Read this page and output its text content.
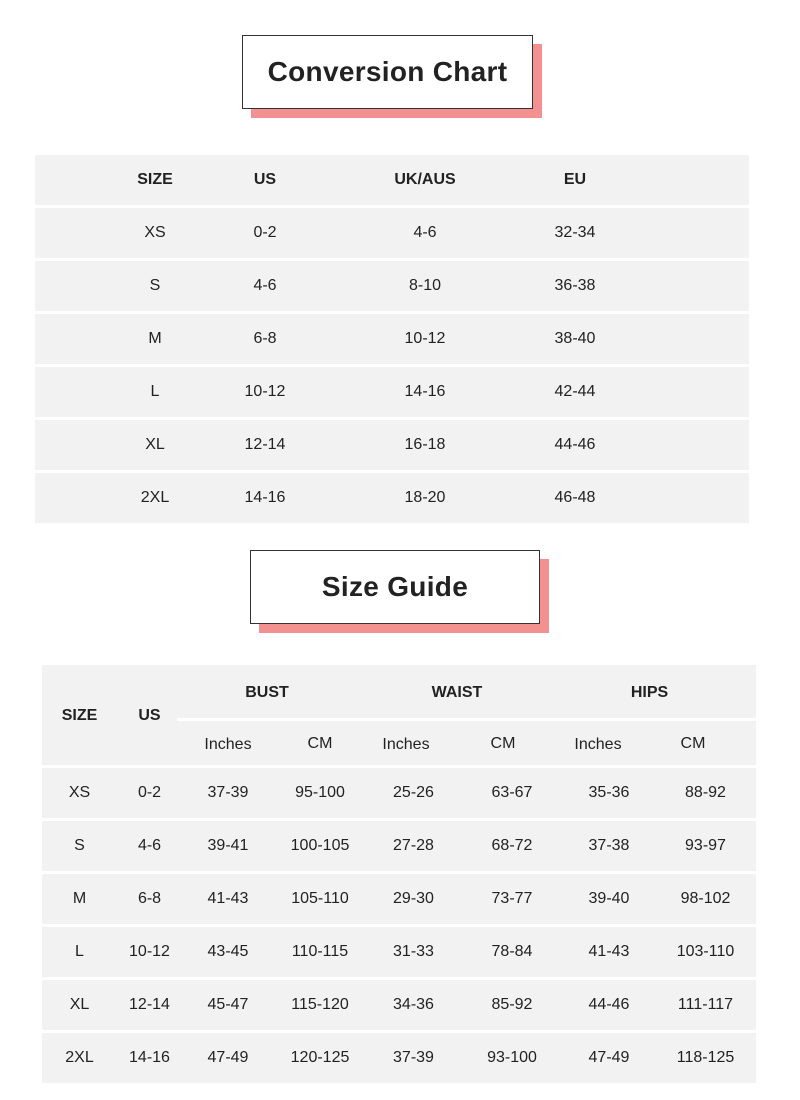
Conversion Chart
SIZE	US	UK/AUS	EU
XS	0-2	4-6	32-34
S	4-6	8-10	36-38
M	6-8	10-12	38-40
L	10-12	14-16	42-44
XL	12-14	16-18	44-46
2XL	14-16	18-20	46-48
Size Guide
SIZE	US
BUST	WAIST	HIPS
Inches	CM	Inches	CM	Inches	CM
XS	0-2	37-39	95-100	25-26	63-67	35-36	88-92
S	4-6	39-41	100-105	27-28	68-72	37-38	93-97
M	6-8	41-43	105-110	29-30	73-77	39-40	98-102
L	10-12	43-45	110-115	31-33	78-84	41-43	103-110
XL	12-14	45-47	115-120	34-36	85-92	44-46	111-117
2XL	14-16	47-49	120-125	37-39	93-100	47-49	118-125
